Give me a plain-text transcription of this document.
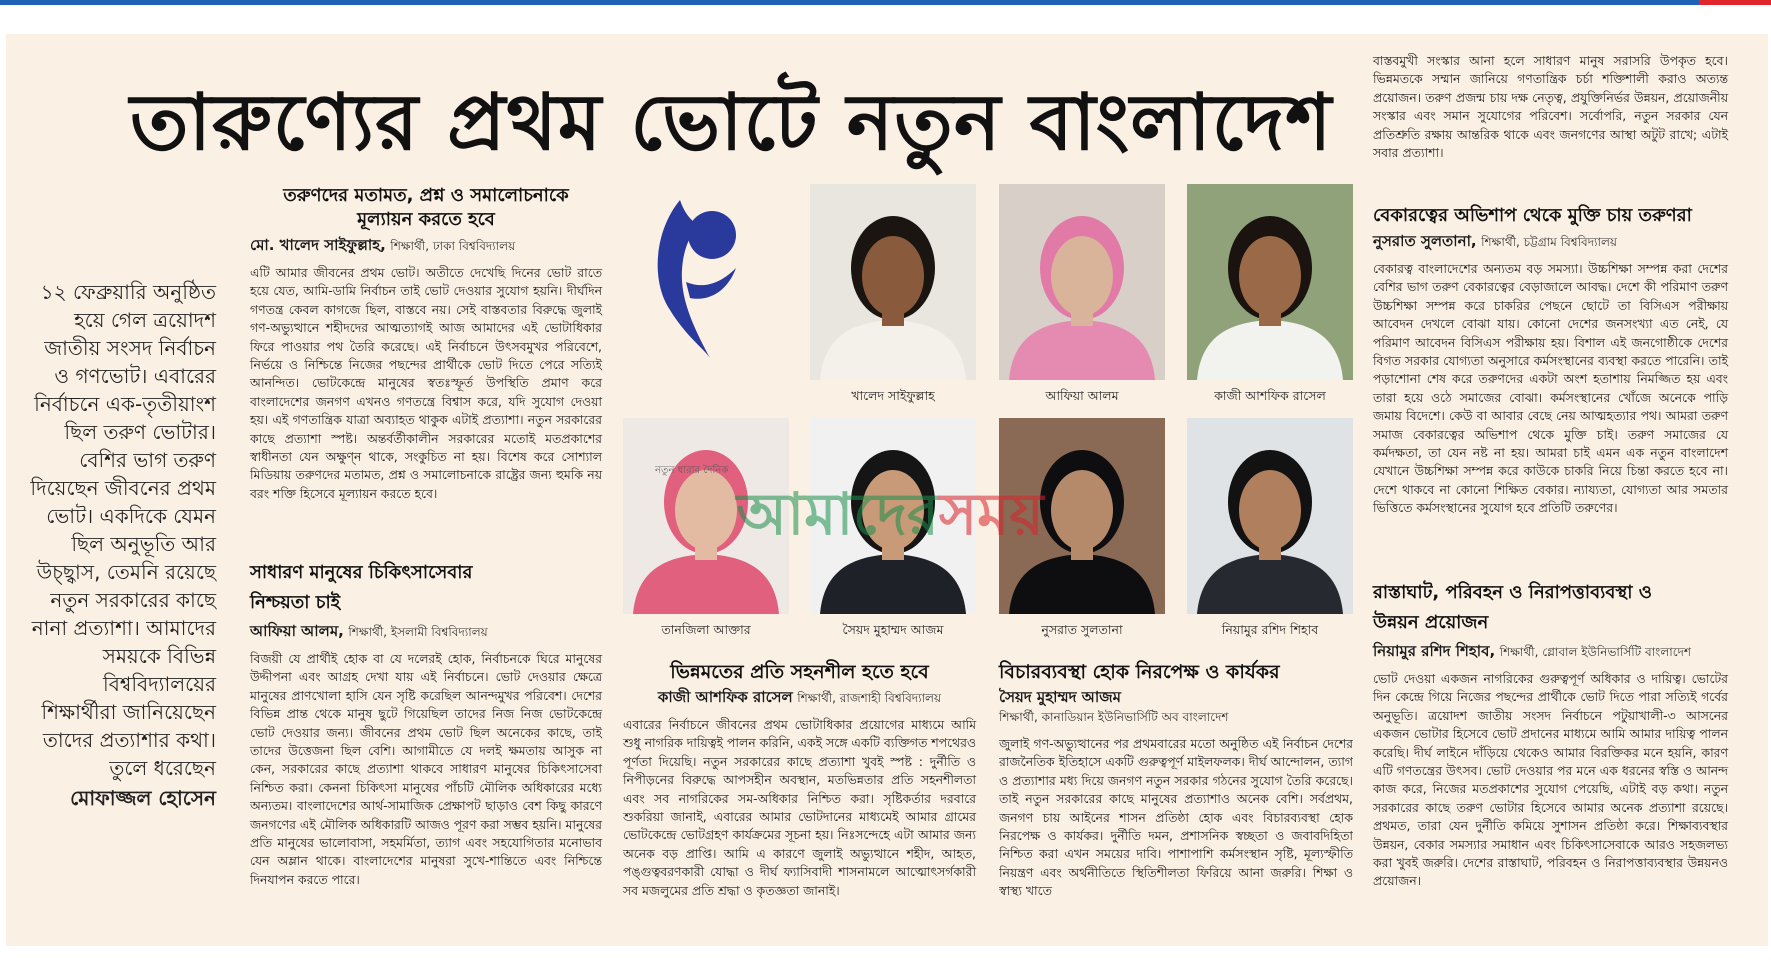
তারুণ্যের প্রথম ভোটে নতুন বাংলাদেশ
১২ ফেব্রুয়ারি অনুষ্ঠিত হয়ে গেল ত্রয়োদশ জাতীয় সংসদ নির্বাচন ও গণভোট। এবারের নির্বাচনে এক-তৃতীয়াংশ ছিল তরুণ ভোটার। বেশির ভাগ তরুণ দিয়েছেন জীবনের প্রথম ভোট। একদিকে যেমন ছিল অনুভূতি আর উচ্ছ্বাস, তেমনি রয়েছে নতুন সরকারের কাছে নানা প্রত্যাশা। আমাদের সময়কে বিভিন্ন বিশ্ববিদ্যালয়ের শিক্ষার্থীরা জানিয়েছেন তাদের প্রত্যাশার কথা। তুলে ধরেছেন
মোফাজ্জল হোসেন
তরুণদের মতামত, প্রশ্ন ও সমালোচনাকে মূল্যায়ন করতে হবে
মো. খালেদ সাইফুল্লাহ, শিক্ষার্থী, ঢাকা বিশ্ববিদ্যালয়
এটি আমার জীবনের প্রথম ভোট। অতীতে দেখেছি দিনের ভোট রাতে হয়ে যেত, আমি-ডামি নির্বাচন তাই ভোট দেওয়ার সুযোগ হয়নি। দীর্ঘদিন গণতন্ত্র কেবল কাগজে ছিল, বাস্তবে নয়। সেই বাস্তবতার বিরুদ্ধে জুলাই গণ-অভ্যুত্থানে শহীদদের আত্মত্যাগই আজ আমাদের এই ভোটাধিকার ফিরে পাওয়ার পথ তৈরি করেছে। এই নির্বাচনে উৎসবমুখর পরিবেশে, নির্ভয়ে ও নিশ্চিন্তে নিজের পছন্দের প্রার্থীকে ভোট দিতে পেরে সত্যিই আনন্দিত। ভোটকেন্দ্রে মানুষের স্বতঃস্ফূর্ত উপস্থিতি প্রমাণ করে বাংলাদেশের জনগণ এখনও গণতন্ত্রে বিশ্বাস করে, যদি সুযোগ দেওয়া হয়। এই গণতান্ত্রিক যাত্রা অব্যাহত থাকুক এটাই প্রত্যাশা। নতুন সরকারের কাছে প্রত্যাশা স্পষ্ট। অন্তর্বর্তীকালীন সরকারের মতোই মতপ্রকাশের স্বাধীনতা যেন অক্ষুণ্ন থাকে, সংকুচিত না হয়। বিশেষ করে সোশ্যাল মিডিয়ায় তরুণদের মতামত, প্রশ্ন ও সমালোচনাকে রাষ্ট্রের জন্য হুমকি নয় বরং শক্তি হিসেবে মূল্যায়ন করতে হবে।
সাধারণ মানুষের চিকিৎসাসেবার নিশ্চয়তা চাই
আফিয়া আলম, শিক্ষার্থী, ইসলামী বিশ্ববিদ্যালয়
বিজয়ী যে প্রার্থীই হোক বা যে দলেরই হোক, নির্বাচনকে ঘিরে মানুষের উদ্দীপনা এবং আগ্রহ দেখা যায় এই নির্বাচনে। ভোট দেওয়ার ক্ষেত্রে মানুষের প্রাণখোলা হাসি যেন সৃষ্টি করেছিল আনন্দমুখর পরিবেশ। দেশের বিভিন্ন প্রান্ত থেকে মানুষ ছুটে গিয়েছিল তাদের নিজ নিজ ভোটকেন্দ্রে ভোট দেওয়ার জন্য। জীবনের প্রথম ভোট ছিল অনেকের কাছে, তাই তাদের উত্তেজনা ছিল বেশি। আগামীতে যে দলই ক্ষমতায় আসুক না কেন, সরকারের কাছে প্রত্যাশা থাকবে সাধারণ মানুষের চিকিৎসাসেবা নিশ্চিত করা। কেননা চিকিৎসা মানুষের পাঁচটি মৌলিক অধিকারের মধ্যে অন্যতম। বাংলাদেশের আর্থ-সামাজিক প্রেক্ষাপট ছাড়াও বেশ কিছু কারণে জনগণের এই মৌলিক অধিকারটি আজও পূরণ করা সম্ভব হয়নি। মানুষের প্রতি মানুষের ভালোবাসা, সহমর্মিতা, ত্যাগ এবং সহযোগিতার মনোভাব যেন অম্লান থাকে। বাংলাদেশের মানুষরা সুখে-শান্তিতে এবং নিশ্চিন্তে দিনযাপন করতে পারে।
খালেদ সাইফুল্লাহ	আফিয়া আলম	কাজী আশফিক রাসেল
তানজিলা আক্তার	সৈয়দ মুহাম্মদ আজম	নুসরাত সুলতানা	নিয়ামুর রশিদ শিহাব
নতুন ধারার দৈনিক
আমাদেরসময়
ভিন্নমতের প্রতি সহনশীল হতে হবে
কাজী আশফিক রাসেল শিক্ষার্থী, রাজশাহী বিশ্ববিদ্যালয়
এবারের নির্বাচনে জীবনের প্রথম ভোটাধিকার প্রয়োগের মাধ্যমে আমি শুধু নাগরিক দায়িত্বই পালন করিনি, একই সঙ্গে একটি ব্যক্তিগত শপথেরও পূর্ণতা দিয়েছি। নতুন সরকারের কাছে প্রত্যাশা খুবই স্পষ্ট : দুর্নীতি ও নিপীড়নের বিরুদ্ধে আপসহীন অবস্থান, মতভিন্নতার প্রতি সহনশীলতা এবং সব নাগরিকের সম-অধিকার নিশ্চিত করা। সৃষ্টিকর্তার দরবারে শুকরিয়া জানাই, এবারের আমার ভোটদানের মাধ্যমেই আমার গ্রামের ভোটকেন্দ্রে ভোটগ্রহণ কার্যক্রমের সূচনা হয়। নিঃসন্দেহে এটা আমার জন্য অনেক বড় প্রাপ্তি। আমি এ কারণে জুলাই অভ্যুত্থানে শহীদ, আহত, পঙ্গুত্ববরণকারী যোদ্ধা ও দীর্ঘ ফ্যাসিবাদী শাসনামলে আত্মোৎসর্গকারী সব মজলুমের প্রতি শ্রদ্ধা ও কৃতজ্ঞতা জানাই।
বিচারব্যবস্থা হোক নিরপেক্ষ ও কার্যকর
সৈয়দ মুহাম্মদ আজম
শিক্ষার্থী, কানাডিয়ান ইউনিভার্সিটি অব বাংলাদেশ
জুলাই গণ-অভ্যুত্থানের পর প্রথমবারের মতো অনুষ্ঠিত এই নির্বাচন দেশের রাজনৈতিক ইতিহাসে একটি গুরুত্বপূর্ণ মাইলফলক। দীর্ঘ আন্দোলন, ত্যাগ ও প্রত্যাশার মধ্য দিয়ে জনগণ নতুন সরকার গঠনের সুযোগ তৈরি করেছে। তাই নতুন সরকারের কাছে মানুষের প্রত্যাশাও অনেক বেশি। সর্বপ্রথম, জনগণ চায় আইনের শাসন প্রতিষ্ঠা হোক এবং বিচারব্যবস্থা হোক নিরপেক্ষ ও কার্যকর। দুর্নীতি দমন, প্রশাসনিক স্বচ্ছতা ও জবাবদিহিতা নিশ্চিত করা এখন সময়ের দাবি। পাশাপাশি কর্মসংস্থান সৃষ্টি, মূল্যস্ফীতি নিয়ন্ত্রণ এবং অর্থনীতিতে স্থিতিশীলতা ফিরিয়ে আনা জরুরি। শিক্ষা ও স্বাস্থ্য খাতে
বাস্তবমুখী সংস্কার আনা হলে সাধারণ মানুষ সরাসরি উপকৃত হবে। ভিন্নমতকে সম্মান জানিয়ে গণতান্ত্রিক চর্চা শক্তিশালী করাও অত্যন্ত প্রয়োজন। তরুণ প্রজন্ম চায় দক্ষ নেতৃত্ব, প্রযুক্তিনির্ভর উন্নয়ন, প্রয়োজনীয় সংস্কার এবং সমান সুযোগের পরিবেশ। সর্বোপরি, নতুন সরকার যেন প্রতিশ্রুতি রক্ষায় আন্তরিক থাকে এবং জনগণের আস্থা অটুট রাখে; এটাই সবার প্রত্যাশা।
বেকারত্বের অভিশাপ থেকে মুক্তি চায় তরুণরা
নুসরাত সুলতানা, শিক্ষার্থী, চট্টগ্রাম বিশ্ববিদ্যালয়
বেকারত্ব বাংলাদেশের অন্যতম বড় সমস্যা। উচ্চশিক্ষা সম্পন্ন করা দেশের বেশির ভাগ তরুণ বেকারত্বের বেড়াজালে আবদ্ধ। দেশে কী পরিমাণ তরুণ উচ্চশিক্ষা সম্পন্ন করে চাকরির পেছনে ছোটে তা বিসিএস পরীক্ষায় আবেদন দেখলে বোঝা যায়। কোনো দেশের জনসংখ্যা এত নেই, যে পরিমাণ আবেদন বিসিএস পরীক্ষায় হয়। বিশাল এই জনগোষ্ঠীকে দেশের বিগত সরকার যোগ্যতা অনুসারে কর্মসংস্থানের ব্যবস্থা করতে পারেনি। তাই পড়াশোনা শেষ করে তরুণদের একটা অংশ হতাশায় নিমজ্জিত হয় এবং তারা হয়ে ওঠে সমাজের বোঝা। কর্মসংস্থানের খোঁজে অনেকে পাড়ি জমায় বিদেশে। কেউ বা আবার বেছে নেয় আত্মহত্যার পথ। আমরা তরুণ সমাজ বেকারত্বের অভিশাপ থেকে মুক্তি চাই। তরুণ সমাজের যে কর্মদক্ষতা, তা যেন নষ্ট না হয়। আমরা চাই এমন এক নতুন বাংলাদেশ যেখানে উচ্চশিক্ষা সম্পন্ন করে কাউকে চাকরি নিয়ে চিন্তা করতে হবে না। দেশে থাকবে না কোনো শিক্ষিত বেকার। ন্যায্যতা, যোগ্যতা আর সমতার ভিত্তিতে কর্মসংস্থানের সুযোগ হবে প্রতিটি তরুণের।
রাস্তাঘাট, পরিবহন ও নিরাপত্তাব্যবস্থা ও উন্নয়ন প্রয়োজন
নিয়ামুর রশিদ শিহাব, শিক্ষার্থী, গ্লোবাল ইউনিভার্সিটি বাংলাদেশ
ভোট দেওয়া একজন নাগরিকের গুরুত্বপূর্ণ অধিকার ও দায়িত্ব। ভোটের দিন কেন্দ্রে গিয়ে নিজের পছন্দের প্রার্থীকে ভোট দিতে পারা সত্যিই গর্বের অনুভূতি। ত্রয়োদশ জাতীয় সংসদ নির্বাচনে পটুয়াখালী-৩ আসনের একজন ভোটার হিসেবে ভোট প্রদানের মাধ্যমে আমি আমার দায়িত্ব পালন করেছি। দীর্ঘ লাইনে দাঁড়িয়ে থেকেও আমার বিরক্তিকর মনে হয়নি, কারণ এটি গণতন্ত্রের উৎসব। ভোট দেওয়ার পর মনে এক ধরনের স্বস্তি ও আনন্দ কাজ করে, নিজের মতপ্রকাশের সুযোগ পেয়েছি, এটাই বড় কথা। নতুন সরকারের কাছে তরুণ ভোটার হিসেবে আমার অনেক প্রত্যাশা রয়েছে। প্রথমত, তারা যেন দুর্নীতি কমিয়ে সুশাসন প্রতিষ্ঠা করে। শিক্ষাব্যবস্থার উন্নয়ন, বেকার সমস্যার সমাধান এবং চিকিৎসাসেবাকে আরও সহজলভ্য করা খুবই জরুরি। দেশের রাস্তাঘাট, পরিবহন ও নিরাপত্তাব্যবস্থার উন্নয়নও প্রয়োজন।
